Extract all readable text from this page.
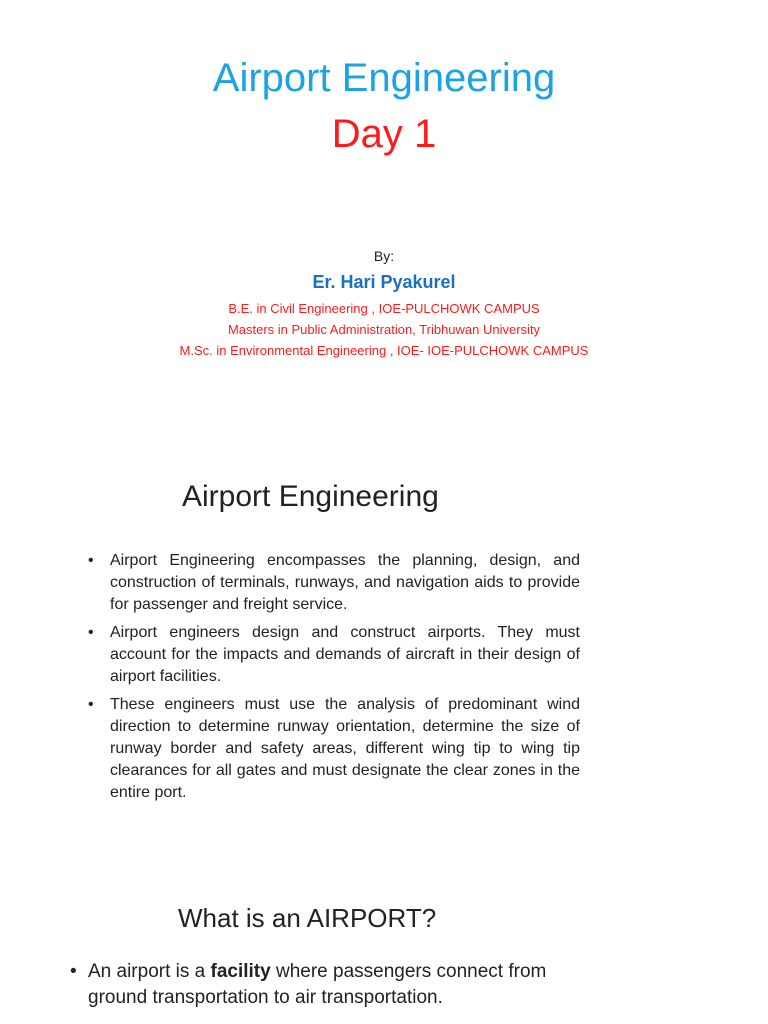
Airport Engineering
Day 1
By:
Er. Hari Pyakurel
B.E. in Civil Engineering , IOE-PULCHOWK CAMPUS
Masters in Public Administration, Tribhuwan University
M.Sc. in Environmental Engineering , IOE- IOE-PULCHOWK CAMPUS
Airport Engineering
• Airport Engineering encompasses the planning, design, and construction of terminals, runways, and navigation aids to provide for passenger and freight service.
• Airport engineers design and construct airports. They must account for the impacts and demands of aircraft in their design of airport facilities.
• These engineers must use the analysis of predominant wind direction to determine runway orientation, determine the size of runway border and safety areas, different wing tip to wing tip clearances for all gates and must designate the clear zones in the entire port.
What is an AIRPORT?
• An airport is a facility where passengers connect from ground transportation to air transportation.
